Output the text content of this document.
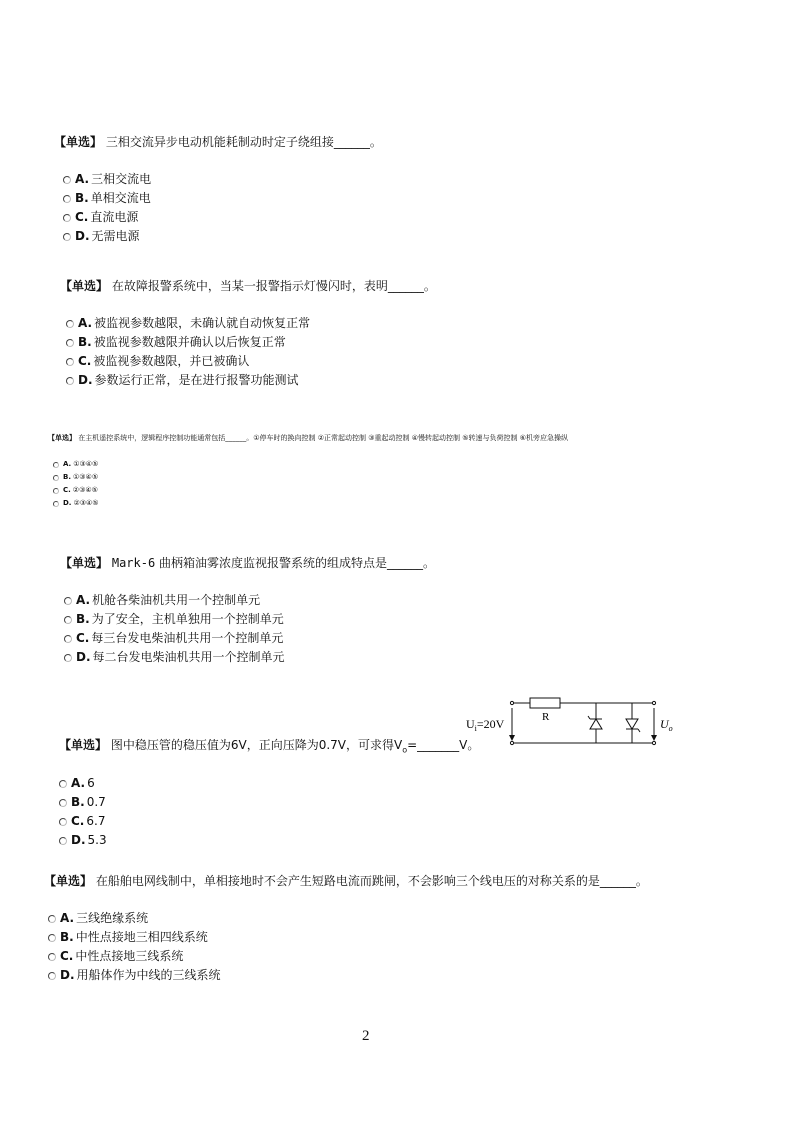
【单选】 三相交流异步电动机能耗制动时定子绕组接______。
A. 三相交流电
B. 单相交流电
C. 直流电源
D. 无需电源
【单选】 在故障报警系统中，当某一报警指示灯慢闪时，表明______。
A. 被监视参数越限，未确认就自动恢复正常
B. 被监视参数越限并确认以后恢复正常
C. 被监视参数越限，并已被确认
D. 参数运行正常，是在进行报警功能测试
【单选】 在主机遥控系统中，逻辑程序控制功能通常包括______。①停车时的换向控制 ②正常起动控制 ③重起动控制 ④慢转起动控制 ⑤转速与负荷控制 ⑥机旁应急操纵
A. ①③④⑤
B. ①③④⑤
C. ②③④⑤
D. ②③④⑤
【单选】 Mark-6 曲柄箱油雾浓度监视报警系统的组成特点是______。
A. 机舱各柴油机共用一个控制单元
B. 为了安全，主机单独用一个控制单元
C. 每三台发电柴油机共用一个控制单元
D. 每二台发电柴油机共用一个控制单元
【单选】 图中稳压管的稳压值为6V，正向压降为0.7V，可求得$V_o=\_\_\_\_\_\_\_V$。
A. 6
B. 0.7
C. 6.7
D. 5.3
R
$U_i=20V$	$U_o$
【单选】 在船舶电网线制中，单相接地时不会产生短路电流而跳闸，不会影响三个线电压的对称关系的是______。
A. 三线绝缘系统
B. 中性点接地三相四线系统
C. 中性点接地三线系统
D. 用船体作为中线的三线系统
2
